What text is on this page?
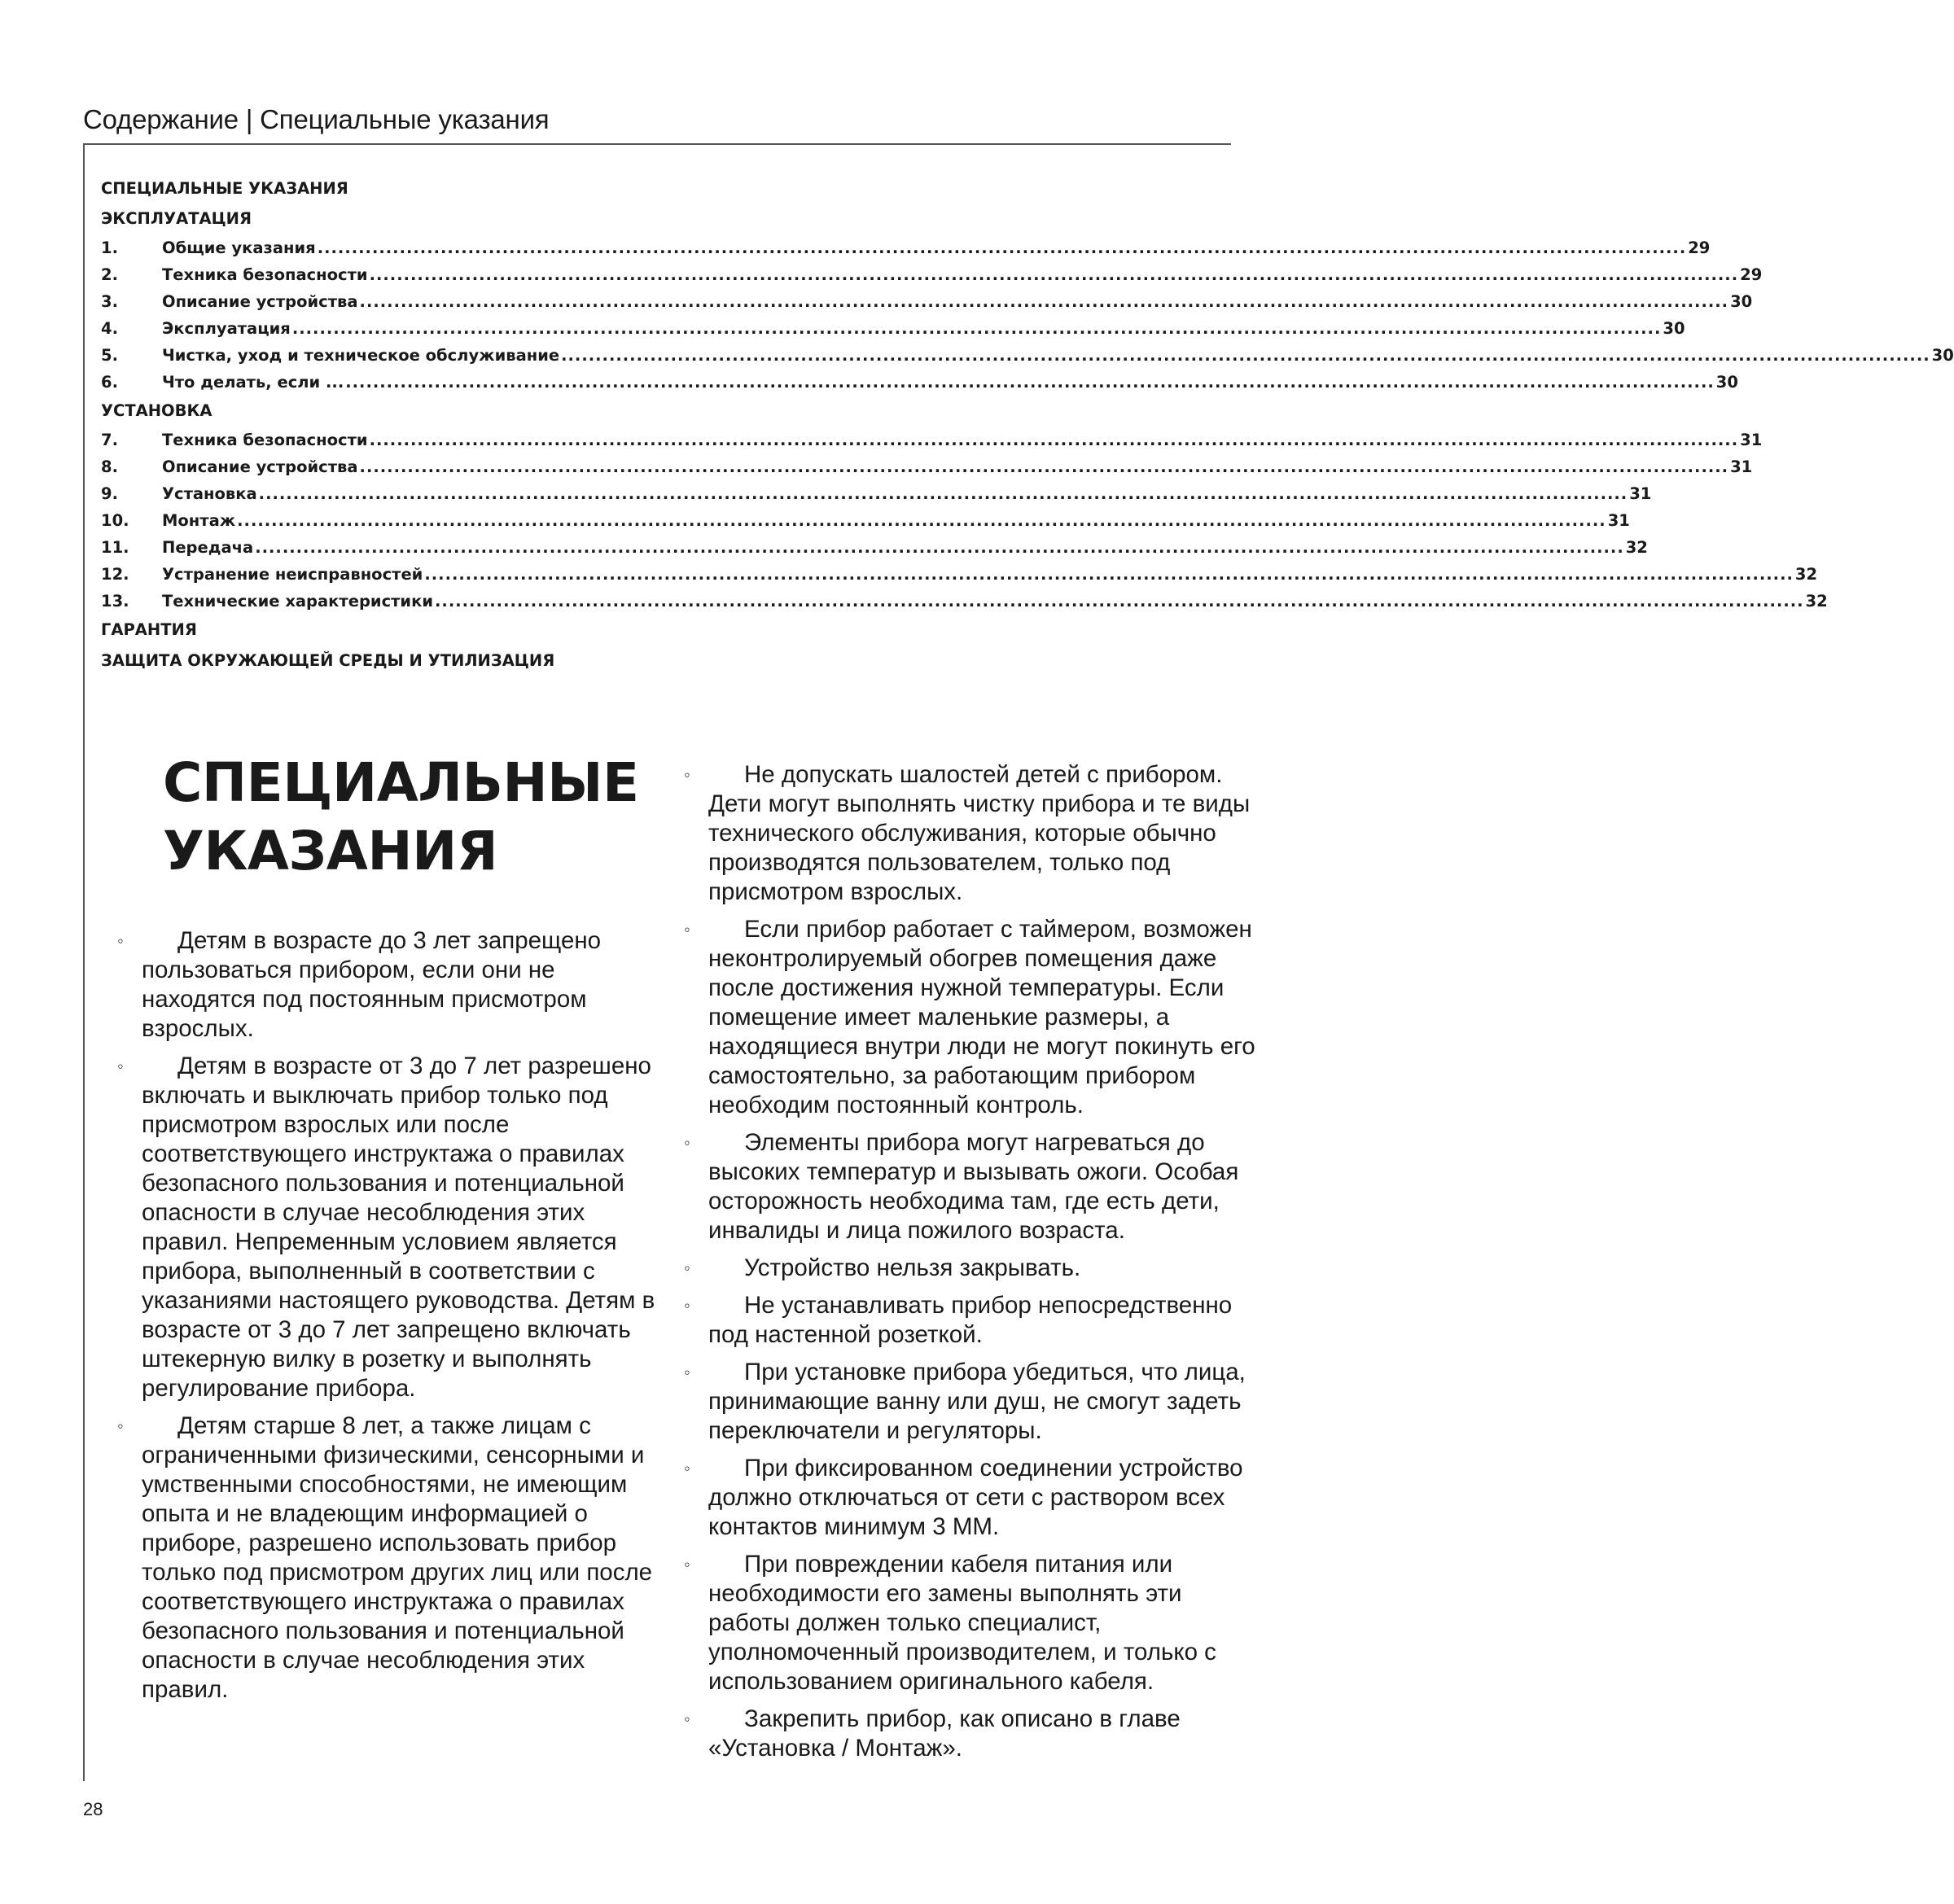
Содержание | Специальные указания
СПЕЦИАЛЬНЫЕ УКАЗАНИЯ
ЭКСПЛУАТАЦИЯ
1.	Общие указания ........................................................................................................................................................................................................ 29
2.	Техника безопасности ........................................................................................................................................................................................................ 29
3.	Описание устройства ........................................................................................................................................................................................................ 30
4.	Эксплуатация ........................................................................................................................................................................................................ 30
5.	Чистка, уход и техническое обслуживание ........................................................................................................................................................................................................ 30
6.	Что делать, если ... ........................................................................................................................................................................................................ 30
УСТАНОВКА
7.	Техника безопасности ........................................................................................................................................................................................................ 31
8.	Описание устройства ........................................................................................................................................................................................................ 31
9.	Установка ........................................................................................................................................................................................................ 31
10.	Монтаж ........................................................................................................................................................................................................ 31
11.	Передача ........................................................................................................................................................................................................ 32
12.	Устранение неисправностей ........................................................................................................................................................................................................ 32
13.	Технические характеристики ........................................................................................................................................................................................................ 32
ГАРАНТИЯ
ЗАЩИТА ОКРУЖАЮЩЕЙ СРЕДЫ И УТИЛИЗАЦИЯ
СПЕЦИАЛЬНЫЕ УКАЗАНИЯ
◦	Детям в возрасте до 3 лет запрещено пользоваться прибором, если они не находятся под постоянным присмотром взрослых.
◦	Детям в возрасте от 3 до 7 лет разрешено включать и выключать прибор только под присмотром взрослых или после соответствующего инструктажа о правилах безопасного пользования и потенциальной опасности в случае несоблюдения этих правил. Непременным условием является прибора, выполненный в соответствии с указаниями настоящего руководства. Детям в возрасте от 3 до 7 лет запрещено включать штекерную вилку в розетку и выполнять регулирование прибора.
◦	Детям старше 8 лет, а также лицам с ограниченными физическими, сенсорными и умственными способностями, не имеющим опыта и не владеющим информацией о приборе, разрешено использовать прибор только под присмотром других лиц или после соответствующего инструктажа о правилах безопасного пользования и потенциальной опасности в случае несоблюдения этих правил.
◦	Не допускать шалостей детей с прибором. Дети могут выполнять чистку прибора и те виды технического обслуживания, которые обычно производятся пользователем, только под присмотром взрослых.
◦	Если прибор работает с таймером, возможен неконтролируемый обогрев помещения даже после достижения нужной температуры. Если помещение имеет маленькие размеры, а находящиеся внутри люди не могут покинуть его самостоятельно, за работающим прибором необходим постоянный контроль.
◦	Элементы прибора могут нагреваться до высоких температур и вызывать ожоги. Особая осторожность необходима там, где есть дети, инвалиды и лица пожилого возраста.
◦	Устройство нельзя закрывать.
◦	Не устанавливать прибор непосредственно под настенной розеткой.
◦	При установке прибора убедиться, что лица, принимающие ванну или душ, не смогут задеть переключатели и регуляторы.
◦	При фиксированном соединении устройство должно отключаться от сети с раствором всех контактов минимум 3 ММ.
◦	При повреждении кабеля питания или необходимости его замены выполнять эти работы должен только специалист, уполномоченный производителем, и только с использованием оригинального кабеля.
◦	Закрепить прибор, как описано в главе «Установка / Монтаж».
28
